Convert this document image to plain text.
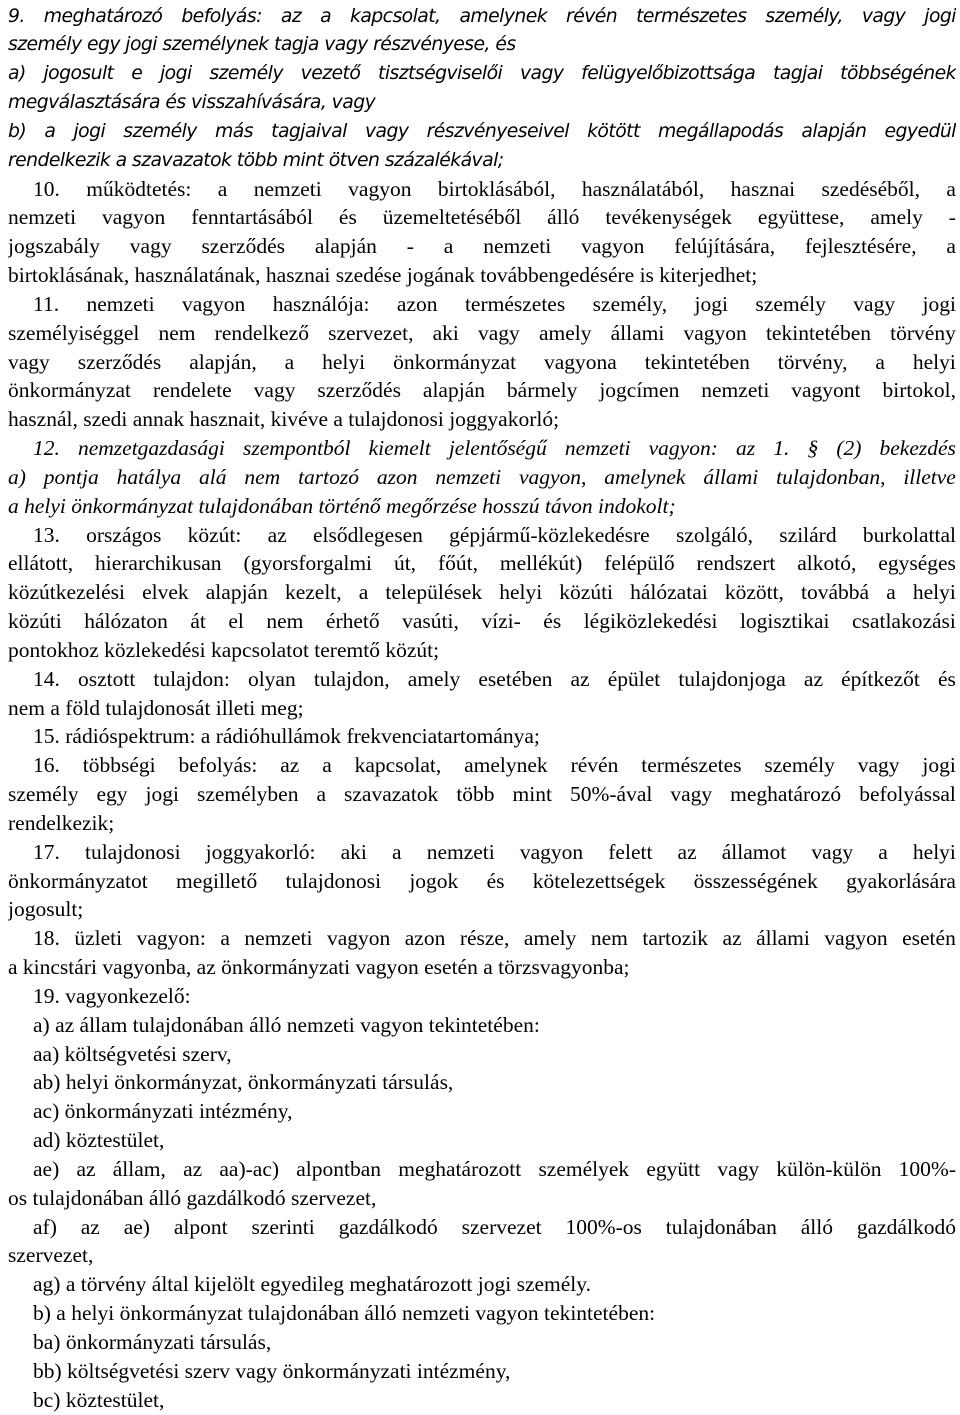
9. meghatározó befolyás: az a kapcsolat, amelynek révén természetes személy, vagy jogi
személy egy jogi személynek tagja vagy részvényese, és
a) jogosult e jogi személy vezető tisztségviselői vagy felügyelőbizottsága tagjai többségének
megválasztására és visszahívására, vagy
b) a jogi személy más tagjaival vagy részvényeseivel kötött megállapodás alapján egyedül
rendelkezik a szavazatok több mint ötven százalékával;
10. működtetés: a nemzeti vagyon birtoklásából, használatából, hasznai szedéséből, a
nemzeti vagyon fenntartásából és üzemeltetéséből álló tevékenységek együttese, amely -
jogszabály vagy szerződés alapján - a nemzeti vagyon felújítására, fejlesztésére, a
birtoklásának, használatának, hasznai szedése jogának továbbengedésére is kiterjedhet;
11. nemzeti vagyon használója: azon természetes személy, jogi személy vagy jogi
személyiséggel nem rendelkező szervezet, aki vagy amely állami vagyon tekintetében törvény
vagy szerződés alapján, a helyi önkormányzat vagyona tekintetében törvény, a helyi
önkormányzat rendelete vagy szerződés alapján bármely jogcímen nemzeti vagyont birtokol,
használ, szedi annak hasznait, kivéve a tulajdonosi joggyakorló;
12. nemzetgazdasági szempontból kiemelt jelentőségű nemzeti vagyon: az 1. § (2) bekezdés
a) pontja hatálya alá nem tartozó azon nemzeti vagyon, amelynek állami tulajdonban, illetve
a helyi önkormányzat tulajdonában történő megőrzése hosszú távon indokolt;
13. országos közút: az elsődlegesen gépjármű-közlekedésre szolgáló, szilárd burkolattal
ellátott, hierarchikusan (gyorsforgalmi út, főút, mellékút) felépülő rendszert alkotó, egységes
közútkezelési elvek alapján kezelt, a települések helyi közúti hálózatai között, továbbá a helyi
közúti hálózaton át el nem érhető vasúti, vízi- és légiközlekedési logisztikai csatlakozási
pontokhoz közlekedési kapcsolatot teremtő közút;
14. osztott tulajdon: olyan tulajdon, amely esetében az épület tulajdonjoga az építkezőt és
nem a föld tulajdonosát illeti meg;
15. rádióspektrum: a rádióhullámok frekvenciatartománya;
16. többségi befolyás: az a kapcsolat, amelynek révén természetes személy vagy jogi
személy egy jogi személyben a szavazatok több mint 50%-ával vagy meghatározó befolyással
rendelkezik;
17. tulajdonosi joggyakorló: aki a nemzeti vagyon felett az államot vagy a helyi
önkormányzatot megillető tulajdonosi jogok és kötelezettségek összességének gyakorlására
jogosult;
18. üzleti vagyon: a nemzeti vagyon azon része, amely nem tartozik az állami vagyon esetén
a kincstári vagyonba, az önkormányzati vagyon esetén a törzsvagyonba;
19. vagyonkezelő:
a) az állam tulajdonában álló nemzeti vagyon tekintetében:
aa) költségvetési szerv,
ab) helyi önkormányzat, önkormányzati társulás,
ac) önkormányzati intézmény,
ad) köztestület,
ae) az állam, az aa)-ac) alpontban meghatározott személyek együtt vagy külön-külön 100%-
os tulajdonában álló gazdálkodó szervezet,
af) az ae) alpont szerinti gazdálkodó szervezet 100%-os tulajdonában álló gazdálkodó
szervezet,
ag) a törvény által kijelölt egyedileg meghatározott jogi személy.
b) a helyi önkormányzat tulajdonában álló nemzeti vagyon tekintetében:
ba) önkormányzati társulás,
bb) költségvetési szerv vagy önkormányzati intézmény,
bc) köztestület,
